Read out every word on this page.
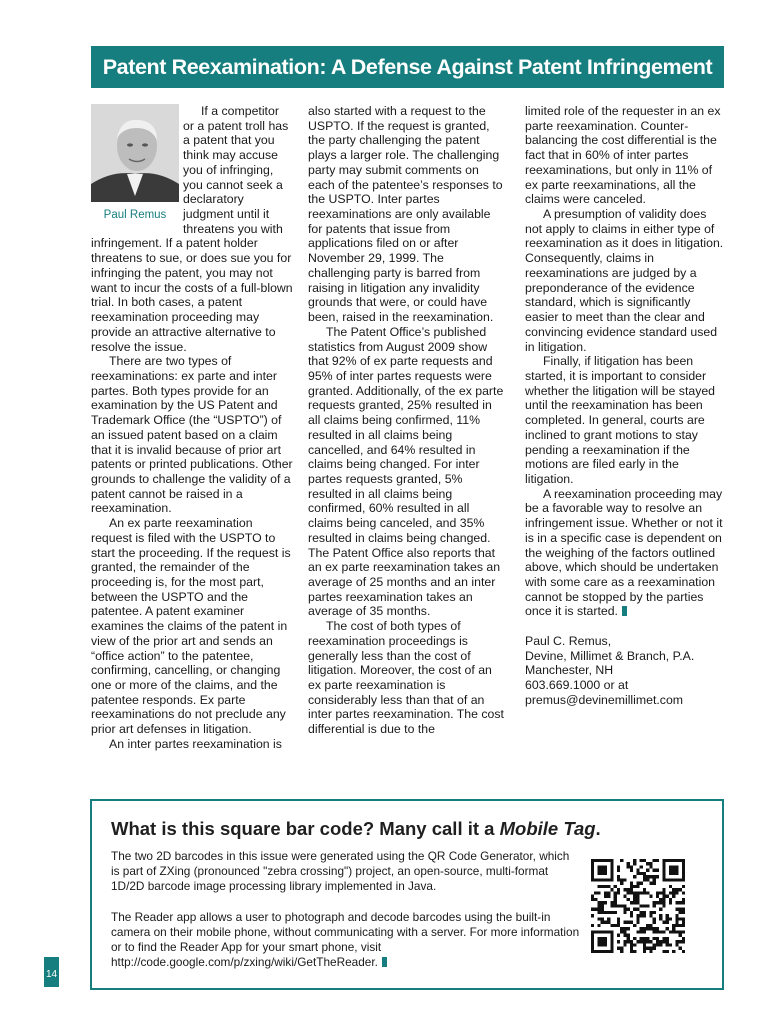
Patent Reexamination: A Defense Against Patent Infringement
Paul Remus

If a competitor or a patent troll has a patent that you think may accuse you of infringing, you cannot seek a declaratory judgment until it threatens you with infringement. If a patent holder threatens to sue, or does sue you for infringing the patent, you may not want to incur the costs of a full-blown trial. In both cases, a patent reexamination proceeding may provide an attractive alternative to resolve the issue.

There are two types of reexaminations: ex parte and inter partes. Both types provide for an examination by the US Patent and Trademark Office (the “USPTO”) of an issued patent based on a claim that it is invalid because of prior art patents or printed publications. Other grounds to challenge the validity of a patent cannot be raised in a reexamination.

An ex parte reexamination request is filed with the USPTO to start the proceeding. If the request is granted, the remainder of the proceeding is, for the most part, between the USPTO and the patentee. A patent examiner examines the claims of the patent in view of the prior art and sends an “office action” to the patentee, confirming, cancelling, or changing one or more of the claims, and the patentee responds. Ex parte reexaminations do not preclude any prior art defenses in litigation.

An inter partes reexamination is

also started with a request to the USPTO. If the request is granted, the party challenging the patent plays a larger role. The challenging party may submit comments on each of the patentee’s responses to the USPTO. Inter partes reexaminations are only available for patents that issue from applications filed on or after November 29, 1999. The challenging party is barred from raising in litigation any invalidity grounds that were, or could have been, raised in the reexamination.

The Patent Office’s published statistics from August 2009 show that 92% of ex parte requests and 95% of inter partes requests were granted. Additionally, of the ex parte requests granted, 25% resulted in all claims being confirmed, 11% resulted in all claims being cancelled, and 64% resulted in claims being changed. For inter partes requests granted, 5% resulted in all claims being confirmed, 60% resulted in all claims being canceled, and 35% resulted in claims being changed. The Patent Office also reports that an ex parte reexamination takes an average of 25 months and an inter partes reexamination takes an average of 35 months.

The cost of both types of reexamination proceedings is generally less than the cost of litigation. Moreover, the cost of an ex parte reexamination is considerably less than that of an inter partes reexamination. The cost differential is due to the

limited role of the requester in an ex parte reexamination. Counter-balancing the cost differential is the fact that in 60% of inter partes reexaminations, but only in 11% of ex parte reexaminations, all the claims were canceled.

A presumption of validity does not apply to claims in either type of reexamination as it does in litigation. Consequently, claims in reexaminations are judged by a preponderance of the evidence standard, which is significantly easier to meet than the clear and convincing evidence standard used in litigation.

Finally, if litigation has been started, it is important to consider whether the litigation will be stayed until the reexamination has been completed. In general, courts are inclined to grant motions to stay pending a reexamination if the motions are filed early in the litigation.

A reexamination proceeding may be a favorable way to resolve an infringement issue. Whether or not it is in a specific case is dependent on the weighing of the factors outlined above, which should be undertaken with some care as a reexamination cannot be stopped by the parties once it is started.

Paul C. Remus,
Devine, Millimet & Branch, P.A.
Manchester, NH
603.669.1000 or at
premus@devinemillimet.com
What is this square bar code? Many call it a Mobile Tag.

The two 2D barcodes in this issue were generated using the QR Code Generator, which is part of ZXing (pronounced "zebra crossing") project, an open-source, multi-format 1D/2D barcode image processing library implemented in Java.

The Reader app allows a user to photograph and decode barcodes using the built-in camera on their mobile phone, without communicating with a server. For more information or to find the Reader App for your smart phone, visit http://code.google.com/p/zxing/wiki/GetTheReader.

14
